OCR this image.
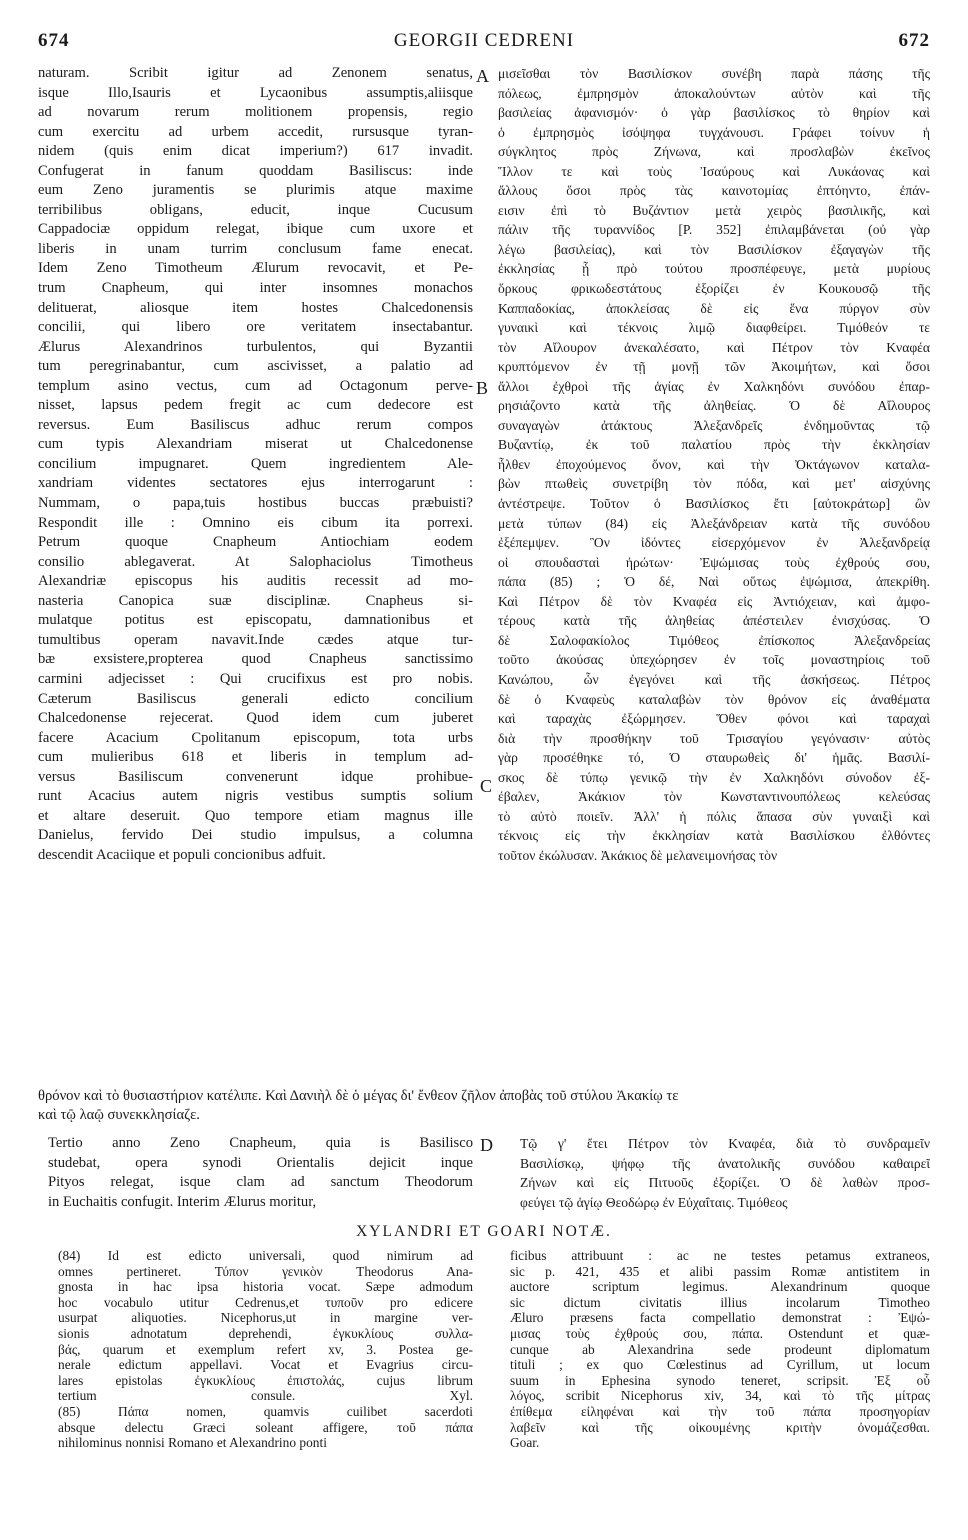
674	GEORGII CEDRENI	672
naturam. Scribit igitur ad Zenonem senatus,
isque Illo,Isauris et Lycaonibus assumptis,aliisque
ad novarum rerum molitionem propensis, regio
cum exercitu ad urbem accedit, rursusque tyran-
nidem (quis enim dicat imperium?) 617 invadit.
Confugerat in fanum quoddam Basiliscus: inde
eum Zeno juramentis se plurimis atque maxime
terribilibus obligans, educit, inque Cucusum
Cappadociæ oppidum relegat, ibique cum uxore et
liberis in unam turrim conclusum fame enecat.
Idem Zeno Timotheum Ælurum revocavit, et Pe-
trum Cnapheum, qui inter insomnes monachos
delituerat, aliosque item hostes Chalcedonensis
concilii, qui libero ore veritatem insectabantur.
Ælurus Alexandrinos turbulentos, qui Byzantii
tum peregrinabantur, cum ascivisset, a palatio ad
templum asino vectus, cum ad Octagonum perve-
nisset, lapsus pedem fregit ac cum dedecore est
reversus. Eum Basiliscus adhuc rerum compos
cum typis Alexandriam miserat ut Chalcedonense
concilium impugnaret. Quem ingredientem Ale-
xandriam videntes sectatores ejus interrogarunt :
Nummam, o papa,tuis hostibus buccas præbuisti?
Respondit ille : Omnino eis cibum ita porrexi.
Petrum quoque Cnapheum Antiochiam eodem
consilio ablegaverat. At Salophaciolus Timotheus
Alexandriæ episcopus his auditis recessit ad mo-
nasteria Canopica suæ disciplinæ. Cnapheus si-
mulatque potitus est episcopatu, damnationibus et
tumultibus operam navavit.Inde cædes atque tur-
bæ exsistere,propterea quod Cnapheus sanctissimo
carmini adjecisset : Qui crucifixus est pro nobis.
Cæterum Basiliscus generali edicto concilium
Chalcedonense rejecerat. Quod idem cum juberet
facere Acacium Cpolitanum episcopum, tota urbs
cum mulieribus 618 et liberis in templum ad-
versus Basiliscum convenerunt idque prohibue-
runt Acacius autem nigris vestibus sumptis solium
et altare deseruit. Quo tempore etiam magnus ille
Danielus, fervido Dei studio impulsus, a columna
descendit Acaciique et populi concionibus adfuit.
A
B
C
D
μισεῖσθαι τὸν Βασιλίσκον συνέβη παρὰ πάσης τῆς
πόλεως, ἐμπρησμὸν ἀποκαλούντων αὐτὸν καὶ τῆς
βασιλείας ἀφανισμόν· ὁ γὰρ βασιλίσκος τὸ θηρίον καὶ
ὁ ἐμπρησμὸς ἰσόψηφα τυγχάνουσι. Γράφει τοίνυν ἡ
σύγκλητος πρὸς Ζήνωνα, καὶ προσλαβὼν ἐκεῖνος
Ἴλλον τε καὶ τοὺς Ἰσαύρους καὶ Λυκάονας καὶ
ἄλλους ὅσοι πρὸς τὰς καινοτομίας ἐπτόηντο, ἐπάν-
εισιν ἐπὶ τὸ Βυζάντιον μετὰ χειρὸς βασιλικῆς, καὶ
πάλιν τῆς τυραννίδος [P. 352] ἐπιλαμβάνεται (οὐ γὰρ
λέγω βασιλείας), καὶ τὸν Βασιλίσκον ἐξαγαγὼν τῆς
ἐκκλησίας ᾗ πρὸ τούτου προσπέφευγε, μετὰ μυρίους
ὅρκους φρικωδεστάτους ἐξορίζει ἐν Κουκουσῷ τῆς
Καππαδοκίας, ἀποκλείσας δὲ εἰς ἕνα πύργον σὺν
γυναικὶ καὶ τέκνοις λιμῷ διαφθείρει. Τιμόθεόν τε
τὸν Αἴλουρον ἀνεκαλέσατο, καὶ Πέτρον τὸν Κναφέα
κρυπτόμενον ἐν τῇ μονῇ τῶν Ἀκοιμήτων, καὶ ὅσοι
ἄλλοι ἐχθροὶ τῆς ἁγίας ἐν Χαλκηδόνι συνόδου ἐπαρ-
ρησιάζοντο κατὰ τῆς ἀληθείας. Ὁ δὲ Αἴλουρος
συναγαγὼν ἀτάκτους Ἀλεξανδρεῖς ἐνδημοῦντας τῷ
Βυζαντίῳ, ἐκ τοῦ παλατίου πρὸς τὴν ἐκκλησίαν
ἦλθεν ἐποχούμενος ὄνον, καὶ τὴν Ὀκτάγωνον καταλα-
βὼν πτωθεὶς συνετρίβη τὸν πόδα, καὶ μετ' αἰσχύνης
ἀντέστρεψε. Τοῦτον ὁ Βασιλίσκος ἔτι [αὐτοκράτωρ] ὢν
μετὰ τύπων (84) εἰς Ἀλεξάνδρειαν κατὰ τῆς συνόδου
ἐξέπεμψεν. Ὃν ἰδόντες εἰσερχόμενον ἐν Ἀλεξανδρείᾳ
οἱ σπουδασταὶ ἠρώτων· Ἐψώμισας τοὺς ἐχθρούς σου,
πάπα (85) ; Ὁ δέ, Ναὶ οὕτως ἐψώμισα, ἀπεκρίθη.
Καὶ Πέτρον δὲ τὸν Κναφέα εἰς Ἀντιόχειαν, καὶ ἀμφο-
τέρους κατὰ τῆς ἀληθείας ἀπέστειλεν ἐνισχύσας. Ὁ
δὲ Σαλοφακίολος Τιμόθεος ἐπίσκοπος Ἀλεξανδρείας
τοῦτο ἀκούσας ὑπεχώρησεν ἐν τοῖς μοναστηρίοις τοῦ
Κανώπου, ὧν ἐγεγόνει καὶ τῆς ἀσκήσεως. Πέτρος
δὲ ὁ Κναφεὺς καταλαβὼν τὸν θρόνον εἰς ἀναθέματα
καὶ ταραχὰς ἐξώρμησεν. Ὅθεν φόνοι καὶ ταραχαὶ
διὰ τὴν προσθήκην τοῦ Τρισαγίου γεγόνασιν· αὐτὸς
γὰρ προσέθηκε τό, Ὁ σταυρωθεὶς δι' ἡμᾶς. Βασιλί-
σκος δὲ τύπῳ γενικῷ τὴν ἐν Χαλκηδόνι σύνοδον ἐξ-
έβαλεν, Ἀκάκιον τὸν Κωνσταντινουπόλεως κελεύσας
τὸ αὐτὸ ποιεῖν. Ἀλλ' ἡ πόλις ἅπασα σὺν γυναιξὶ καὶ
τέκνοις εἰς τὴν ἐκκλησίαν κατὰ Βασιλίσκου ἐλθόντες
τοῦτον ἐκώλυσαν. Ἀκάκιος δὲ μελανειμονήσας τὸν
θρόνον καὶ τὸ θυσιαστήριον κατέλιπε. Καὶ Δανιὴλ δὲ ὁ μέγας δι' ἔνθεον ζῆλον ἀποβὰς τοῦ στύλου Ἀκακίῳ τε
καὶ τῷ λαῷ συνεκκλησίαζε.
Tertio anno Zeno Cnapheum, quia is Basilisco
studebat, opera synodi Orientalis dejicit inque
Pityos relegat, isque clam ad sanctum Theodorum
in Euchaitis confugit. Interim Ælurus moritur,
Τῷ γ' ἔτει Πέτρον τὸν Κναφέα, διὰ τὸ συνδραμεῖν
Βασιλίσκῳ, ψήφῳ τῆς ἀνατολικῆς συνόδου καθαιρεῖ
Ζήνων καὶ εἰς Πιτυοῦς ἐξορίζει. Ὁ δὲ λαθὼν προσ-
φεύγει τῷ ἁγίῳ Θεοδώρῳ ἐν Εὐχαΐταις. Τιμόθεος
XYLANDRI ET GOARI NOTÆ.
(84) Id est edicto universali, quod nimirum ad
omnes pertineret. Τύπον γενικὸν Theodorus Ana-
gnosta in hac ipsa historia vocat. Sæpe admodum
hoc vocabulo utitur Cedrenus,et τυποῦν pro edicere
usurpat aliquoties. Nicephorus,ut in margine ver-
sionis adnotatum deprehendi, ἐγκυκλίους συλλα-
βάς, quarum et exemplum refert xv, 3. Postea ge-
nerale edictum appellavi. Vocat et Evagrius circu-
lares epistolas ἐγκυκλίους ἐπιστολάς, cujus librum
tertium consule. Xyl.
(85) Πάπα nomen, quamvis cuilibet sacerdoti
absque delectu Græci soleant affigere, τοῦ πάπα
nihilominus nonnisi Romano et Alexandrino ponti
ficibus attribuunt : ac ne testes petamus extraneos,
sic p. 421, 435 et alibi passim Romæ antistitem in
auctore scriptum legimus. Alexandrinum quoque
sic dictum civitatis illius incolarum Timotheo
Æluro præsens facta compellatio demonstrat : Ἐψώ-
μισας τοὺς ἐχθρούς σου, πάπα. Ostendunt et quæ-
cunque ab Alexandrina sede prodeunt diplomatum
tituli ; ex quo Cœlestinus ad Cyrillum, ut locum
suum in Ephesina synodo teneret, scripsit. Ἐξ οὗ
λόγος, scribit Nicephorus xiv, 34, καὶ τὸ τῆς μίτρας
ἐπίθεμα εἰληφέναι καὶ τὴν τοῦ πάπα προσηγορίαν
λαβεῖν καὶ τῆς οἰκουμένης κριτὴν ὀνομάζεσθαι.
Goar.
